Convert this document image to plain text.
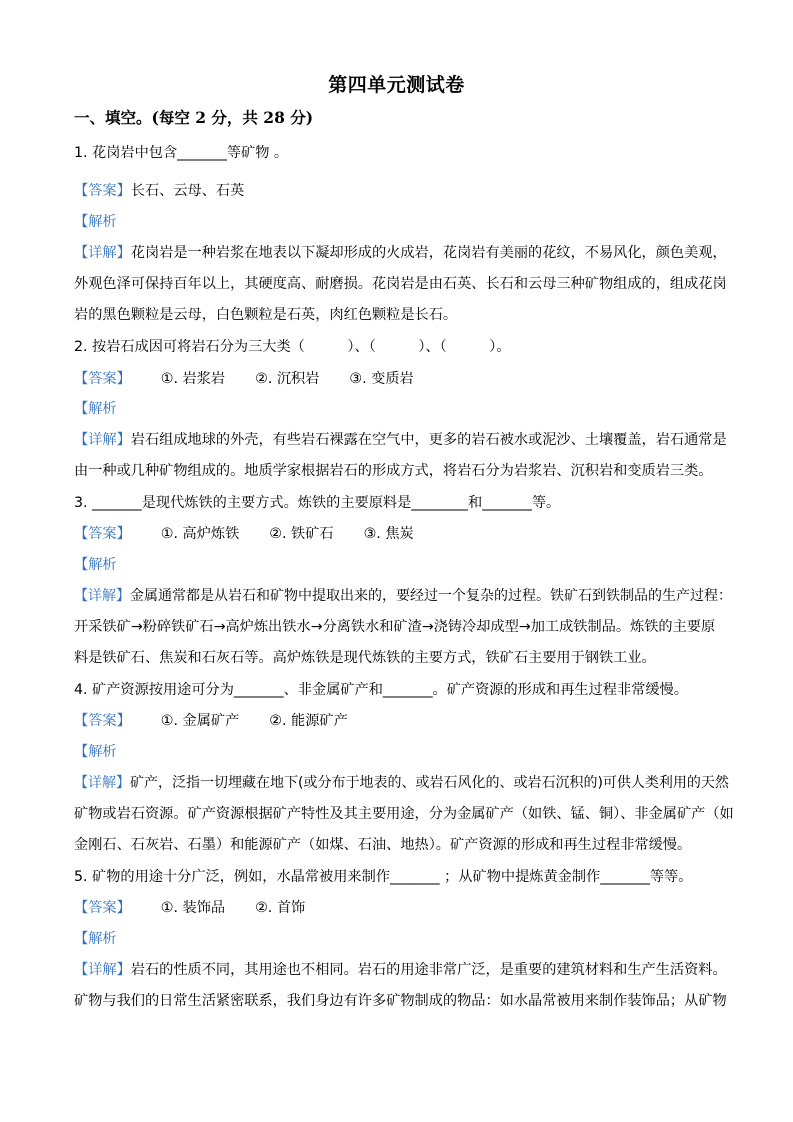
第四单元测试卷
一、填空。(每空 2 分，共 28 分)
1. 花岗岩中包含_______等矿物 。
【答案】长石、云母、石英
【解析
【详解】花岗岩是一种岩浆在地表以下凝却形成的火成岩，花岗岩有美丽的花纹，不易风化，颜色美观，
外观色泽可保持百年以上，其硬度高、耐磨损。花岗岩是由石英、长石和云母三种矿物组成的，组成花岗
岩的黑色颗粒是云母，白色颗粒是石英，肉红色颗粒是长石。
2. 按岩石成因可将岩石分为三大类（　　　）、（　　　）、（　　　）。
【答案】 ①. 岩浆岩 ②. 沉积岩 ③. 变质岩
【解析
【详解】岩石组成地球的外壳，有些岩石裸露在空气中，更多的岩石被水或泥沙、土壤覆盖，岩石通常是
由一种或几种矿物组成的。地质学家根据岩石的形成方式，将岩石分为岩浆岩、沉积岩和变质岩三类。
3. _______是现代炼铁的主要方式。炼铁的主要原料是________和_______等。
【答案】 ①. 高炉炼铁 ②. 铁矿石 ③. 焦炭
【解析
【详解】金属通常都是从岩石和矿物中提取出来的，要经过一个复杂的过程。铁矿石到铁制品的生产过程：
开采铁矿→粉碎铁矿石→高炉炼出铁水→分离铁水和矿渣→浇铸冷却成型→加工成铁制品。炼铁的主要原
料是铁矿石、焦炭和石灰石等。高炉炼铁是现代炼铁的主要方式，铁矿石主要用于钢铁工业。
4. 矿产资源按用途可分为_______、非金属矿产和_______。矿产资源的形成和再生过程非常缓慢。
【答案】 ①. 金属矿产 ②. 能源矿产
【解析
【详解】矿产，泛指一切埋藏在地下(或分布于地表的、或岩石风化的、或岩石沉积的)可供人类利用的天然
矿物或岩石资源。矿产资源根据矿产特性及其主要用途，分为金属矿产（如铁、锰、铜）、非金属矿产（如
金刚石、石灰岩、石墨）和能源矿产（如煤、石油、地热）。矿产资源的形成和再生过程非常缓慢。
5. 矿物的用途十分广泛，例如，水晶常被用来制作_______ ；从矿物中提炼黄金制作_______等等。
【答案】 ①. 装饰品 ②. 首饰
【解析
【详解】岩石的性质不同，其用途也不相同。岩石的用途非常广泛，是重要的建筑材料和生产生活资料。
矿物与我们的日常生活紧密联系，我们身边有许多矿物制成的物品：如水晶常被用来制作装饰品；从矿物
